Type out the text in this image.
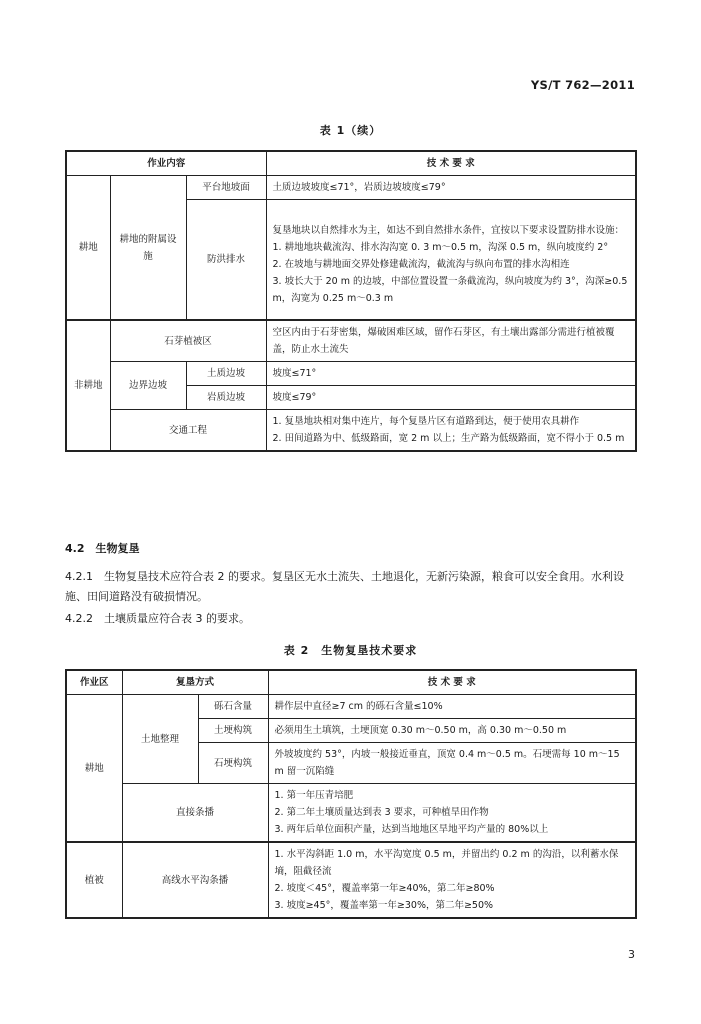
YS/T 762—2011
表 1（续）
作业内容			技 术 要 求
耕地	耕地的附属设施	平台地坡面	土质边坡坡度≤71°，岩质边坡坡度≤79°
		防洪排水	复垦地块以自然排水为主，如达不到自然排水条件，宜按以下要求设置防排水设施：
1. 耕地地块截流沟、排水沟沟宽 0. 3 m～0.5 m，沟深 0.5 m，纵向坡度约 2°
2. 在坡地与耕地面交界处修建截流沟，截流沟与纵向布置的排水沟相连
3. 坡长大于 20 m 的边坡，中部位置设置一条截流沟，纵向坡度为约 3°，沟深≥0.5 m，沟宽为 0.25 m～0.3 m

非耕地	石芽植被区		空区内由于石芽密集，爆破困难区域，留作石芽区，有土壤出露部分需进行植被覆盖，防止水土流失
	边界边坡	土质边坡	坡度≤71°
		岩质边坡	坡度≤79°
	交通工程		1. 复垦地块相对集中连片，每个复垦片区有道路到达，便于使用农具耕作
2. 田间道路为中、低级路面，宽 2 m 以上；生产路为低级路面，宽不得小于 0.5 m

4.2　生物复垦

4.2.1　生物复垦技术应符合表 2 的要求。复垦区无水土流失、土地退化，无新污染源，粮食可以安全食用。水利设施、田间道路没有破损情况。

4.2.2　土壤质量应符合表 3 的要求。

表 2　生物复垦技术要求
作业区	复垦方式		技 术 要 求
耕地	土地整理	砾石含量	耕作层中直径≥7 cm 的砾石含量≤10%
		土埂构筑	必须用生土填筑，土埂顶宽 0.30 m～0.50 m，高 0.30 m～0.50 m
		石埂构筑	外坡坡度约 53°，内坡一般接近垂直，顶宽 0.4 m～0.5 m。石埂需每 10 m～15 m 留一沉陷缝
	直接条播		1. 第一年压青培肥
2. 第二年土壤质量达到表 3 要求，可种植旱田作物
3. 两年后单位面积产量，达到当地地区旱地平均产量的 80%以上

植被	高线水平沟条播		1. 水平沟斜距 1.0 m，水平沟宽度 0.5 m，并留出约 0.2 m 的沟沿，以利蓄水保墒，阻截径流
2. 坡度＜45°，覆盖率第一年≥40%，第二年≥80%
3. 坡度≥45°，覆盖率第一年≥30%，第二年≥50%
3
